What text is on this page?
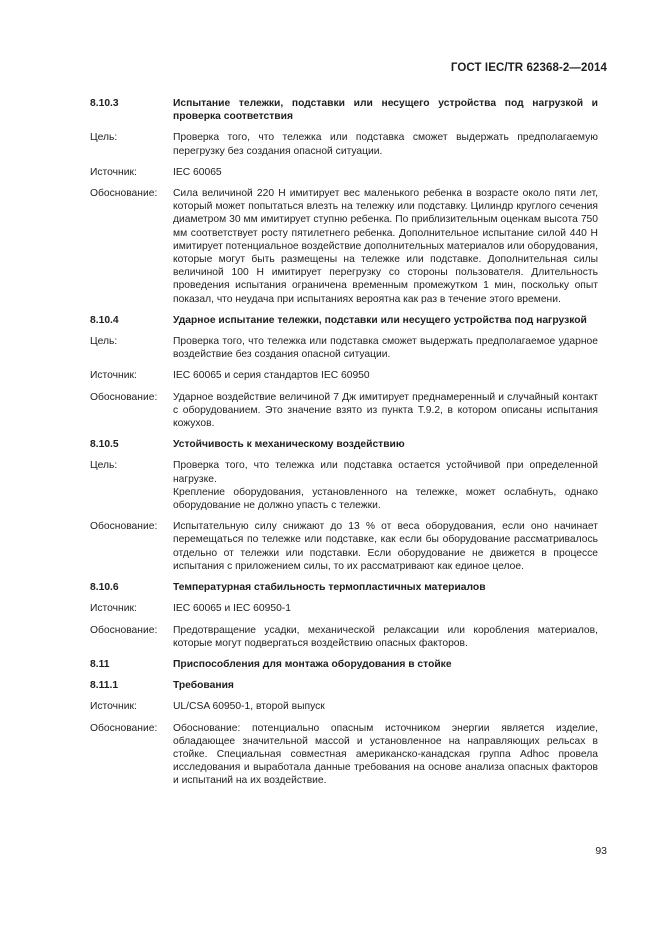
ГОСТ IEC/TR 62368-2—2014
8.10.3	Испытание тележки, подставки или несущего устройства под нагрузкой и проверка соответствия

Цель:	Проверка того, что тележка или подставка сможет выдержать предполагаемую перегрузку без создания опасной ситуации.

Источник:	IEC 60065

Обоснование:	Сила величиной 220 Н имитирует вес маленького ребенка в возрасте около пяти лет, который может попытаться влезть на тележку или подставку. Цилиндр круглого сечения диаметром 30 мм имитирует ступню ребенка. По приблизительным оценкам высота 750 мм соответствует росту пятилетнего ребенка. Дополнительное испытание силой 440 Н имитирует потенциальное воздействие дополнительных материалов или оборудования, которые могут быть размещены на тележке или подставке. Дополнительная силы величиной 100 Н имитирует перегрузку со стороны пользователя. Длительность проведения испытания ограничена временным промежутком 1 мин, поскольку опыт показал, что неудача при испытаниях вероятна как раз в течение этого времени.

8.10.4	Ударное испытание тележки, подставки или несущего устройства под нагрузкой

Цель:	Проверка того, что тележка или подставка сможет выдержать предполагаемое ударное воздействие без создания опасной ситуации.

Источник:	IEC 60065 и серия стандартов IEC 60950

Обоснование:	Ударное воздействие величиной 7 Дж имитирует преднамеренный и случайный контакт с оборудованием. Это значение взято из пункта Т.9.2, в котором описаны испытания кожухов.

8.10.5	Устойчивость к механическому воздействию

Цель:	Проверка того, что тележка или подставка остается устойчивой при определенной нагрузке.

Крепление оборудования, установленного на тележке, может ослабнуть, однако оборудование не должно упасть с тележки.

Обоснование:	Испытательную силу снижают до 13 % от веса оборудования, если оно начинает перемещаться по тележке или подставке, как если бы оборудование рассматривалось отдельно от тележки или подставки. Если оборудование не движется в процессе испытания с приложением силы, то их рассматривают как единое целое.

8.10.6	Температурная стабильность термопластичных материалов

Источник:	IEC 60065 и IEC 60950-1

Обоснование:	Предотвращение усадки, механической релаксации или коробления материалов, которые могут подвергаться воздействию опасных факторов.

8.11	Приспособления для монтажа оборудования в стойке

8.11.1	Требования

Источник:	UL/CSA 60950-1, второй выпуск

Обоснование:	Обоснование: потенциально опасным источником энергии является изделие, обладающее значительной массой и установленное на направляющих рельсах в стойке. Специальная совместная американско-канадская группа Adhoc провела исследования и выработала данные требования на основе анализа опасных факторов и испытаний на их воздействие.

93
